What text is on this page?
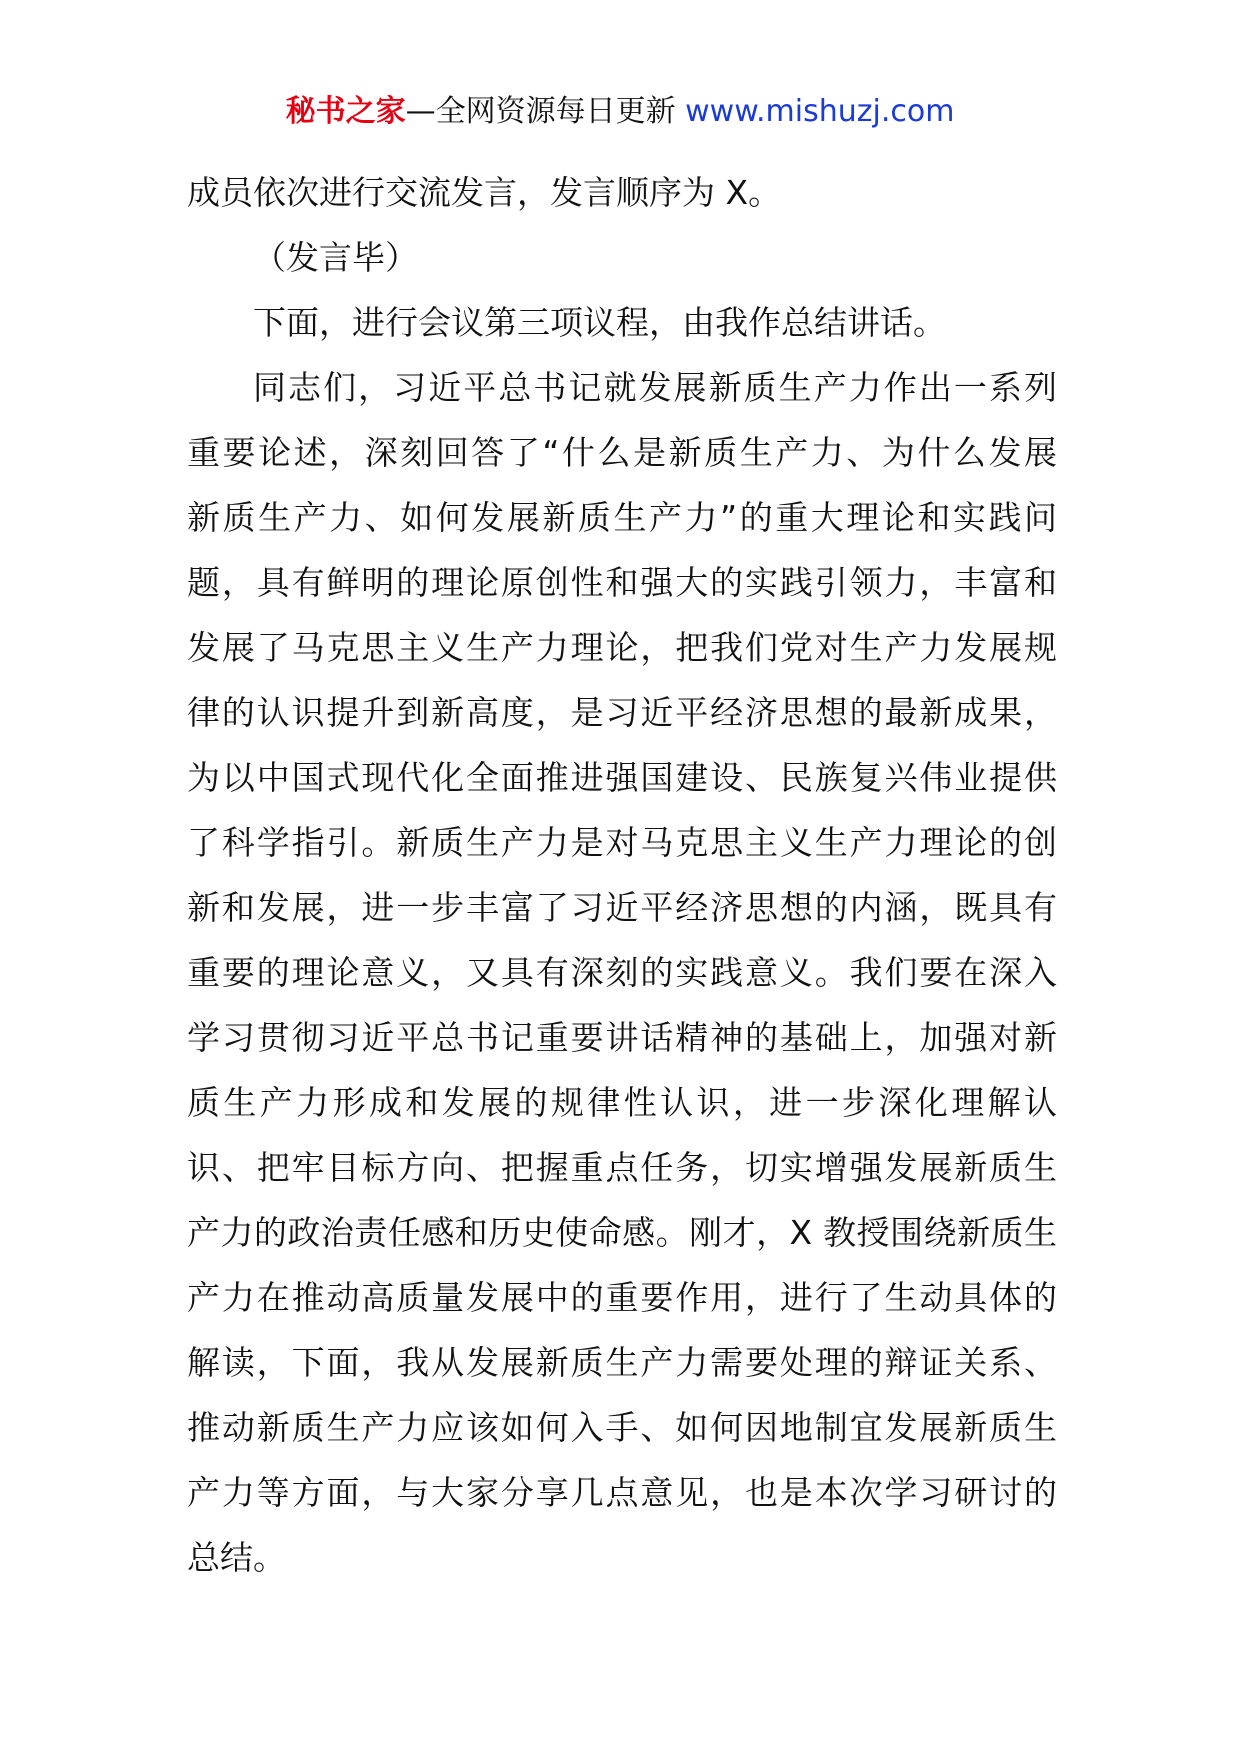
秘书之家—全网资源每日更新 www.mishuzj.com
成员依次进行交流发言，发言顺序为 X。
（发言毕）
下面，进行会议第三项议程，由我作总结讲话。
同志们，习近平总书记就发展新质生产力作出一系列
重要论述，深刻回答了“什么是新质生产力、为什么发展
新质生产力、如何发展新质生产力”的重大理论和实践问
题，具有鲜明的理论原创性和强大的实践引领力，丰富和
发展了马克思主义生产力理论，把我们党对生产力发展规
律的认识提升到新高度，是习近平经济思想的最新成果，
为以中国式现代化全面推进强国建设、民族复兴伟业提供
了科学指引。新质生产力是对马克思主义生产力理论的创
新和发展，进一步丰富了习近平经济思想的内涵，既具有
重要的理论意义，又具有深刻的实践意义。我们要在深入
学习贯彻习近平总书记重要讲话精神的基础上，加强对新
质生产力形成和发展的规律性认识，进一步深化理解认
识、把牢目标方向、把握重点任务，切实增强发展新质生
产力的政治责任感和历史使命感。刚才，X 教授围绕新质生
产力在推动高质量发展中的重要作用，进行了生动具体的
解读，下面，我从发展新质生产力需要处理的辩证关系、
推动新质生产力应该如何入手、如何因地制宜发展新质生
产力等方面，与大家分享几点意见，也是本次学习研讨的
总结。
